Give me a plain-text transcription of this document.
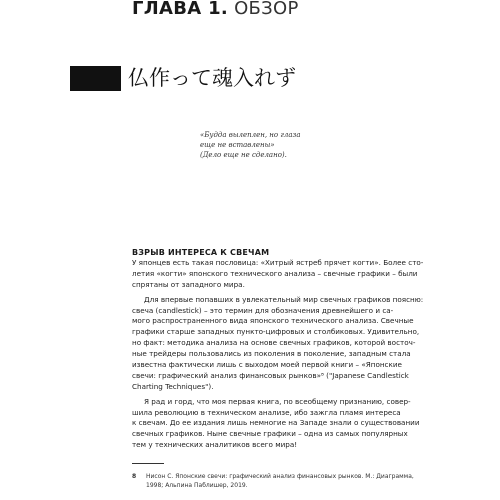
ГЛАВА 1. ОБЗОР
仏作って魂入れず
«Будда вылеплен, но глаза
еще не вставлены»
(Дело еще не сделано).
ВЗРЫВ ИНТЕРЕСА К СВЕЧАМ
У японцев есть такая пословица: «Хитрый ястреб прячет когти». Более сто-
летия «когти» японского технического анализа – свечные графики – были
спрятаны от западного мира.
Для впервые попавших в увлекательный мир свечных графиков поясню:
свеча (candlestick) – это термин для обозначения древнейшего и са-
мого распространенного вида японского технического анализа. Свечные
графики старше западных пункто-цифровых и столбиковых. Удивительно,
но факт: методика анализа на основе свечных графиков, которой восточ-
ные трейдеры пользовались из поколения в поколение, западным стала
известна фактически лишь с выходом моей первой книги – «Японские
свечи: графический анализ финансовых рынков»⁸ ("Japanese Candlestick
Charting Techniques").
Я рад и горд, что моя первая книга, по всеобщему признанию, совер-
шила революцию в техническом анализе, ибо зажгла пламя интереса
к свечам. До ее издания лишь немногие на Западе знали о существовании
свечных графиков. Ныне свечные графики – одна из самых популярных
тем у технических аналитиков всего мира!
8 Нисон С. Японские свечи: графический анализ финансовых рынков. М.: Диаграмма,
1998; Альпина Паблишер, 2019.
